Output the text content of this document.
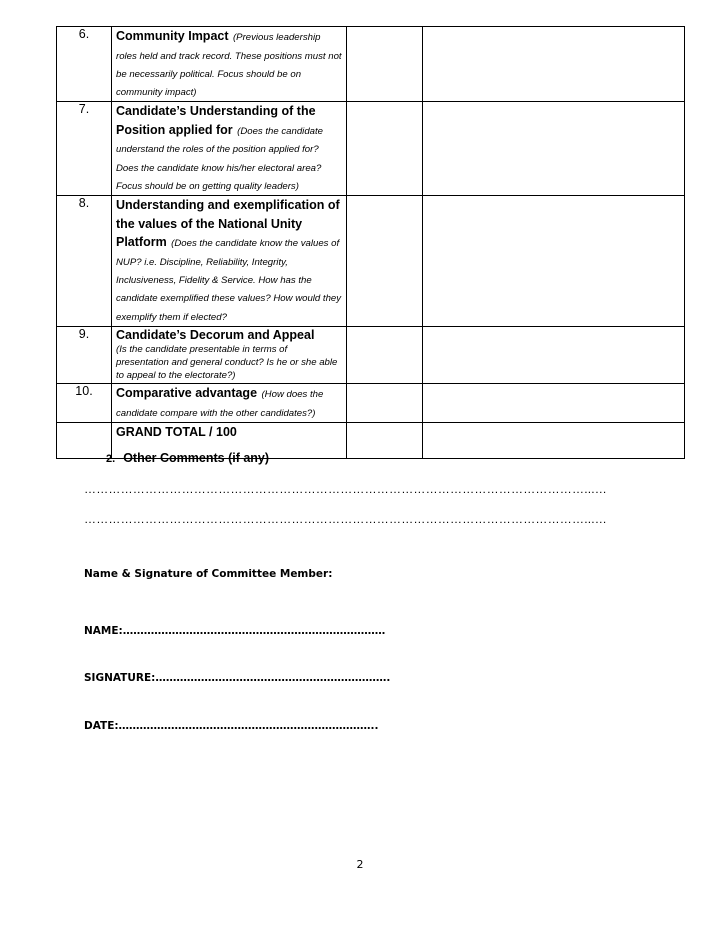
6.	Community Impact (Previous leadership roles held and track record. These positions must not be necessarily political. Focus should be on community impact)		
7.	Candidate’s Understanding of the Position applied for (Does the candidate understand the roles of the position applied for? Does the candidate know his/her electoral area? Focus should be on getting quality leaders)		
8.	Understanding and exemplification of the values of the National Unity Platform (Does the candidate know the values of NUP? i.e. Discipline, Reliability, Integrity, Inclusiveness, Fidelity & Service. How has the candidate exemplified these values? How would they exemplify them if elected?		
9.	Candidate’s Decorum and Appeal
(Is the candidate presentable in terms of presentation and general conduct? Is he or she able to appeal to the electorate?)		

10.	Comparative advantage (How does the candidate compare with the other candidates?)		
	GRAND TOTAL / 100		
2. Other Comments (if any)
……………………………………………………………………………………………………………...…
……………………………………………………………………………………………………………...…
Name & Signature of Committee Member:
NAME:…………………………………………………………………
SIGNATURE:………………………………………………………….
DATE:………………………………………………………………..
2
